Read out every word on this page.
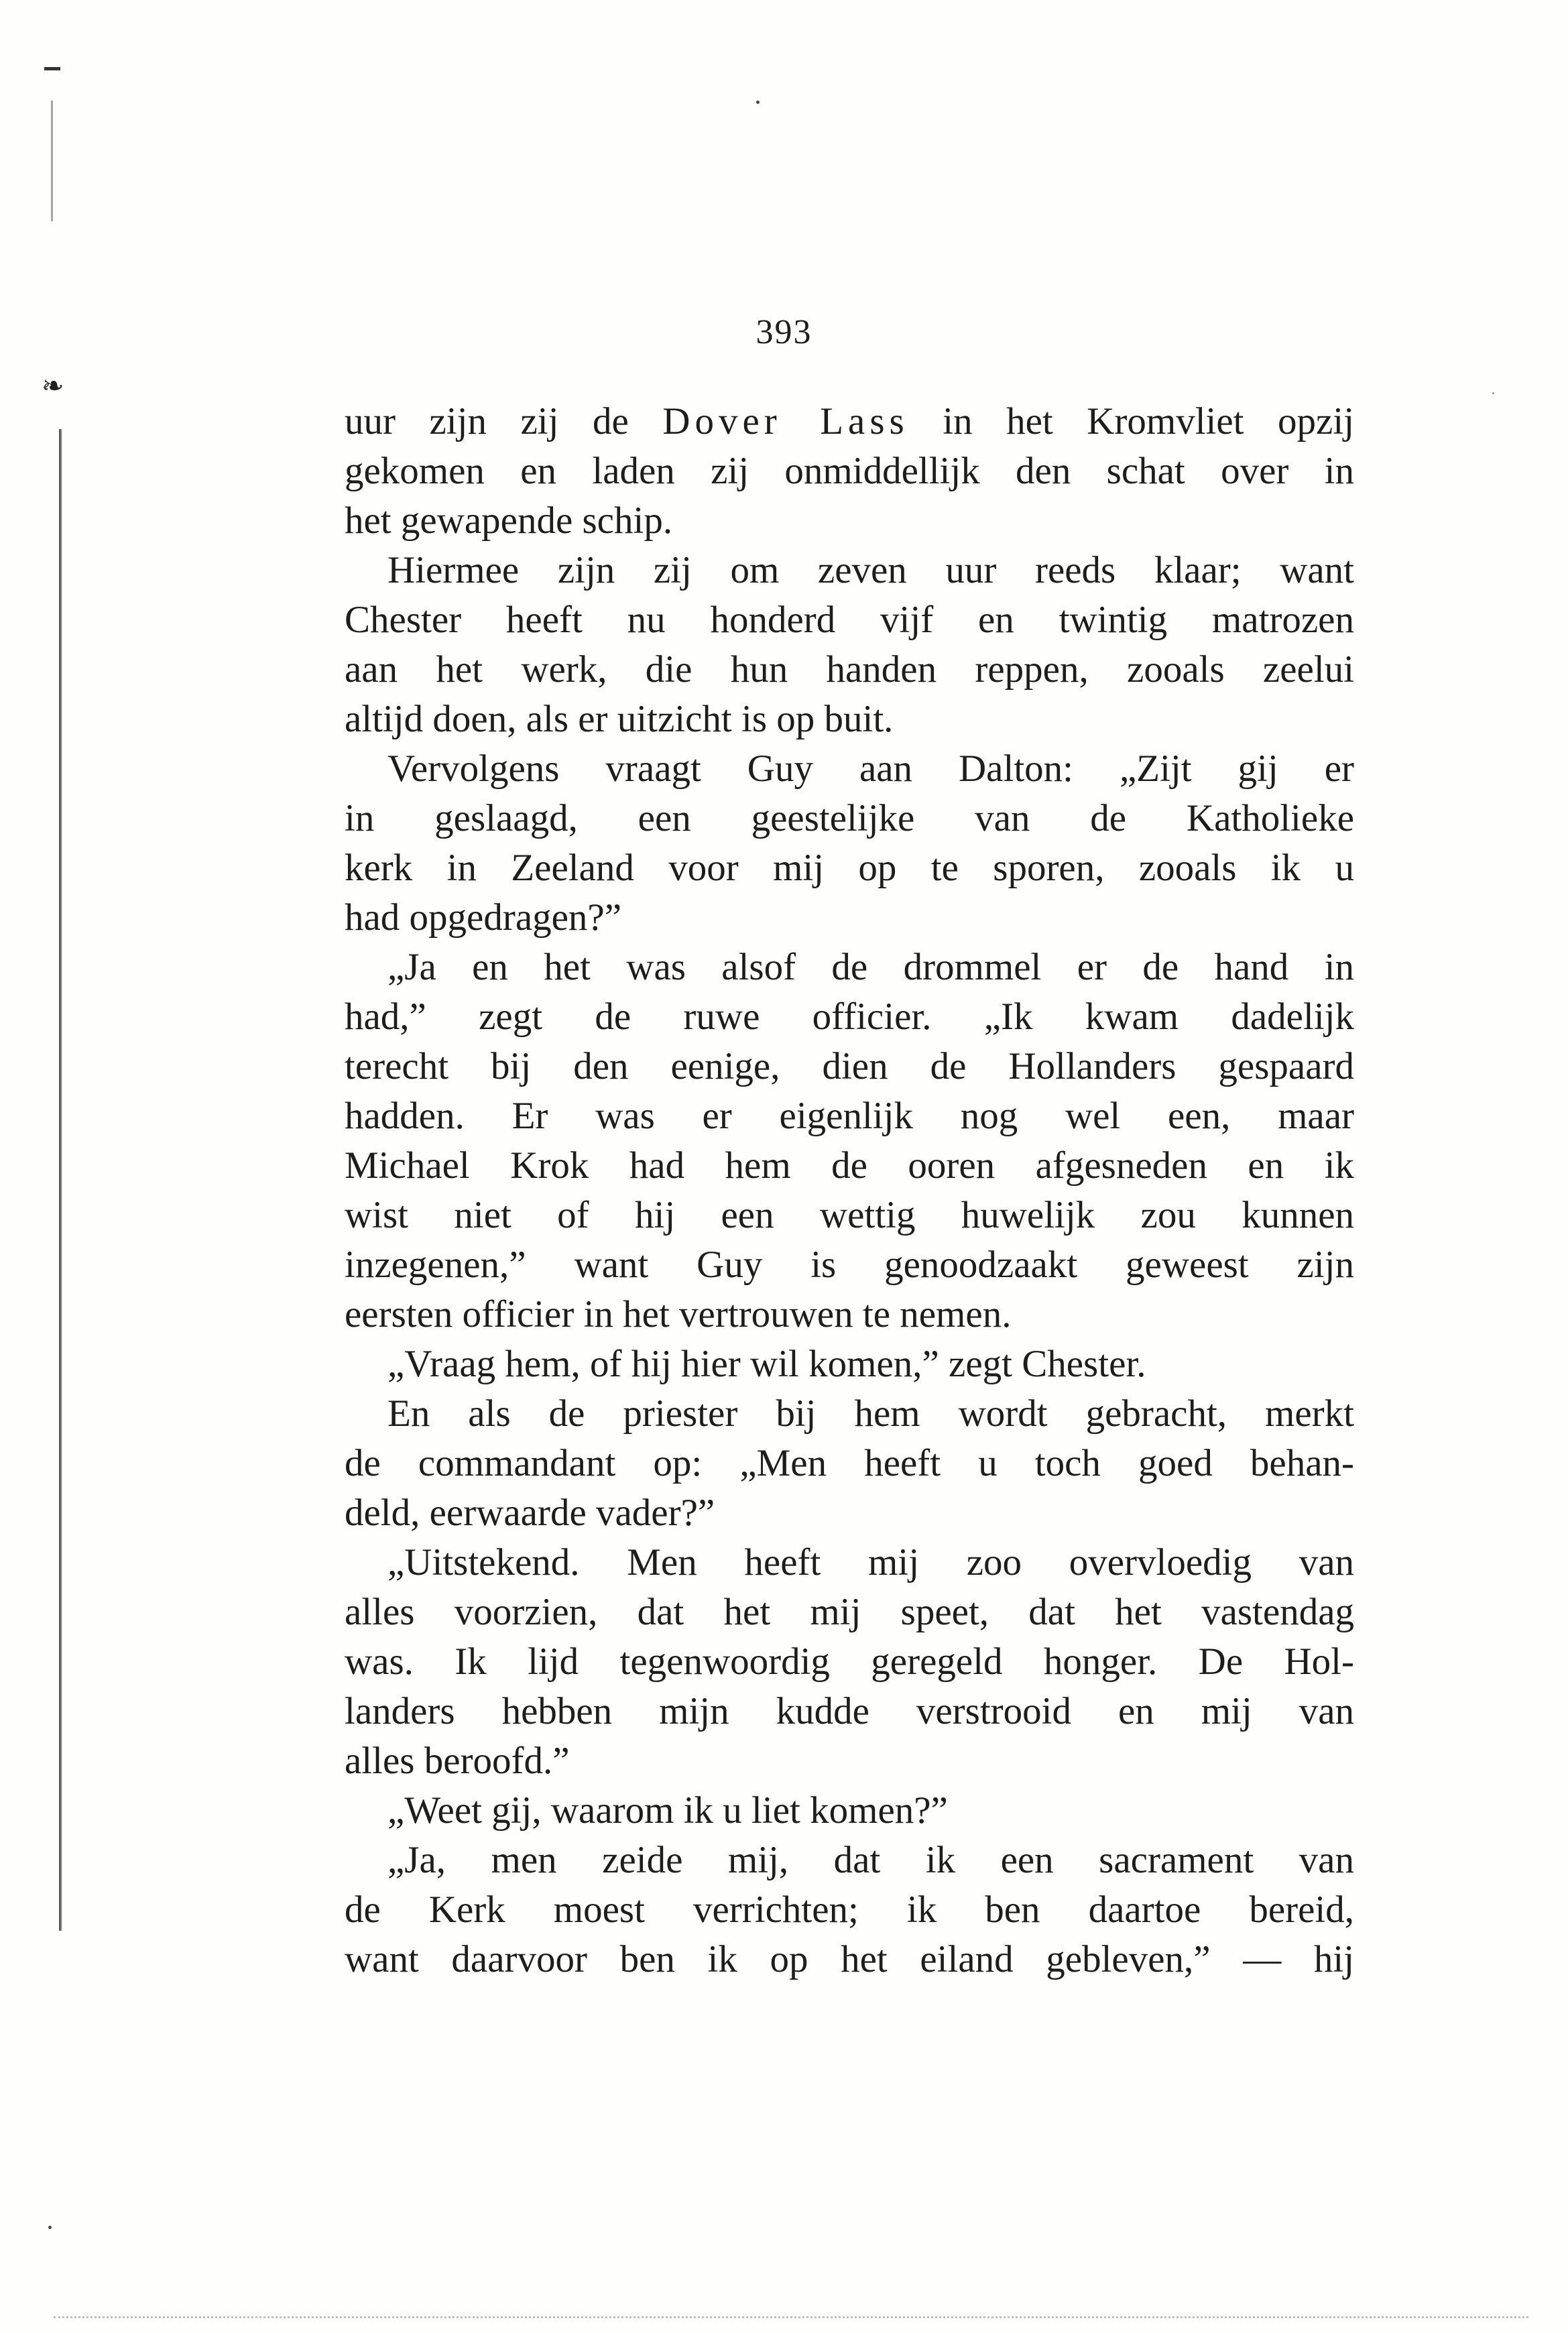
❧
393
uur zijn zij de Dover Lass in het Kromvliet opzij
gekomen en laden zij onmiddellijk den schat over in
het gewapende schip.
Hiermee zijn zij om zeven uur reeds klaar; want
Chester heeft nu honderd vijf en twintig matrozen
aan het werk, die hun handen reppen, zooals zeelui
altijd doen, als er uitzicht is op buit.
Vervolgens vraagt Guy aan Dalton: „Zijt gij er
in geslaagd, een geestelijke van de Katholieke
kerk in Zeeland voor mij op te sporen, zooals ik u
had opgedragen?”
„Ja en het was alsof de drommel er de hand in
had,” zegt de ruwe officier. „Ik kwam dadelijk
terecht bij den eenige, dien de Hollanders gespaard
hadden. Er was er eigenlijk nog wel een, maar
Michael Krok had hem de ooren afgesneden en ik
wist niet of hij een wettig huwelijk zou kunnen
inzegenen,” want Guy is genoodzaakt geweest zijn
eersten officier in het vertrouwen te nemen.
„Vraag hem, of hij hier wil komen,” zegt Chester.
En als de priester bij hem wordt gebracht, merkt
de commandant op: „Men heeft u toch goed behan-
deld, eerwaarde vader?”
„Uitstekend. Men heeft mij zoo overvloedig van
alles voorzien, dat het mij speet, dat het vastendag
was. Ik lijd tegenwoordig geregeld honger. De Hol-
landers hebben mijn kudde verstrooid en mij van
alles beroofd.”
„Weet gij, waarom ik u liet komen?”
„Ja, men zeide mij, dat ik een sacrament van
de Kerk moest verrichten; ik ben daartoe bereid,
want daarvoor ben ik op het eiland gebleven,” — hij
